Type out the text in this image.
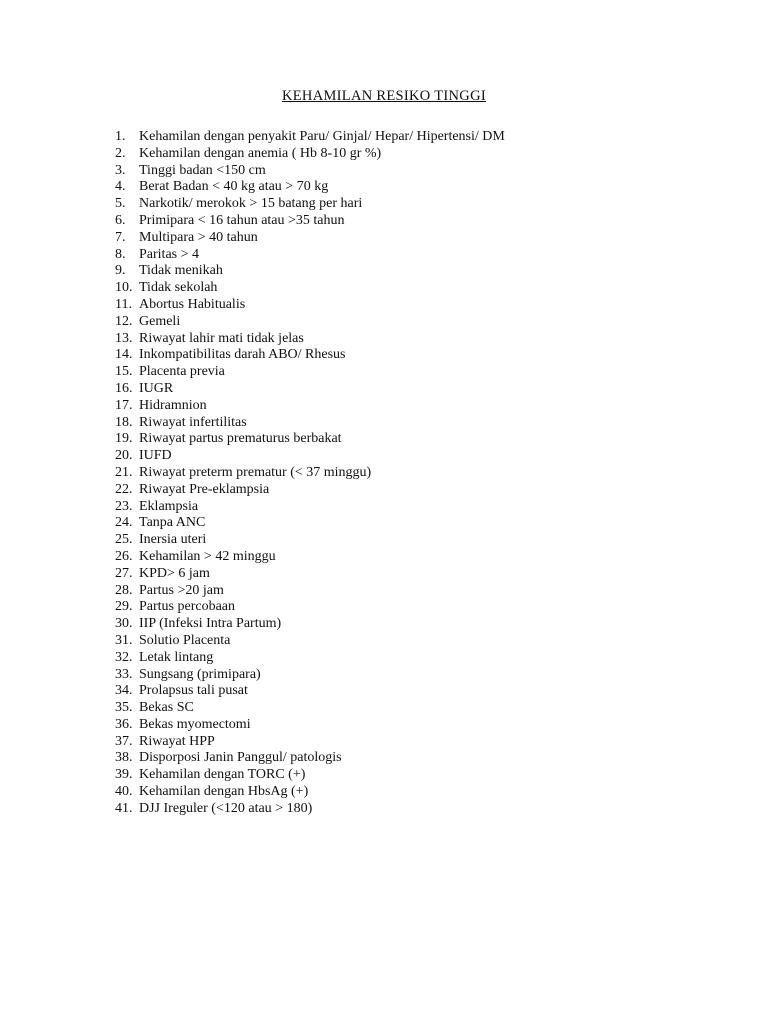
KEHAMILAN RESIKO TINGGI
1. Kehamilan dengan penyakit Paru/ Ginjal/ Hepar/ Hipertensi/ DM
2. Kehamilan dengan anemia ( Hb 8-10 gr %)
3. Tinggi badan <150 cm
4. Berat Badan < 40 kg atau > 70 kg
5. Narkotik/ merokok > 15 batang per hari
6. Primipara < 16 tahun atau >35 tahun
7. Multipara > 40 tahun
8. Paritas > 4
9. Tidak menikah
10. Tidak sekolah
11. Abortus Habitualis
12. Gemeli
13. Riwayat lahir mati tidak jelas
14. Inkompatibilitas darah ABO/ Rhesus
15. Placenta previa
16. IUGR
17. Hidramnion
18. Riwayat infertilitas
19. Riwayat partus prematurus berbakat
20. IUFD
21. Riwayat preterm prematur (< 37 minggu)
22. Riwayat Pre-eklampsia
23. Eklampsia
24. Tanpa ANC
25. Inersia uteri
26. Kehamilan > 42 minggu
27. KPD> 6 jam
28. Partus >20 jam
29. Partus percobaan
30. IIP (Infeksi Intra Partum)
31. Solutio Placenta
32. Letak lintang
33. Sungsang (primipara)
34. Prolapsus tali pusat
35. Bekas SC
36. Bekas myomectomi
37. Riwayat HPP
38. Disporposi Janin Panggul/ patologis
39. Kehamilan dengan TORC (+)
40. Kehamilan dengan HbsAg (+)
41. DJJ Ireguler (<120 atau > 180)
